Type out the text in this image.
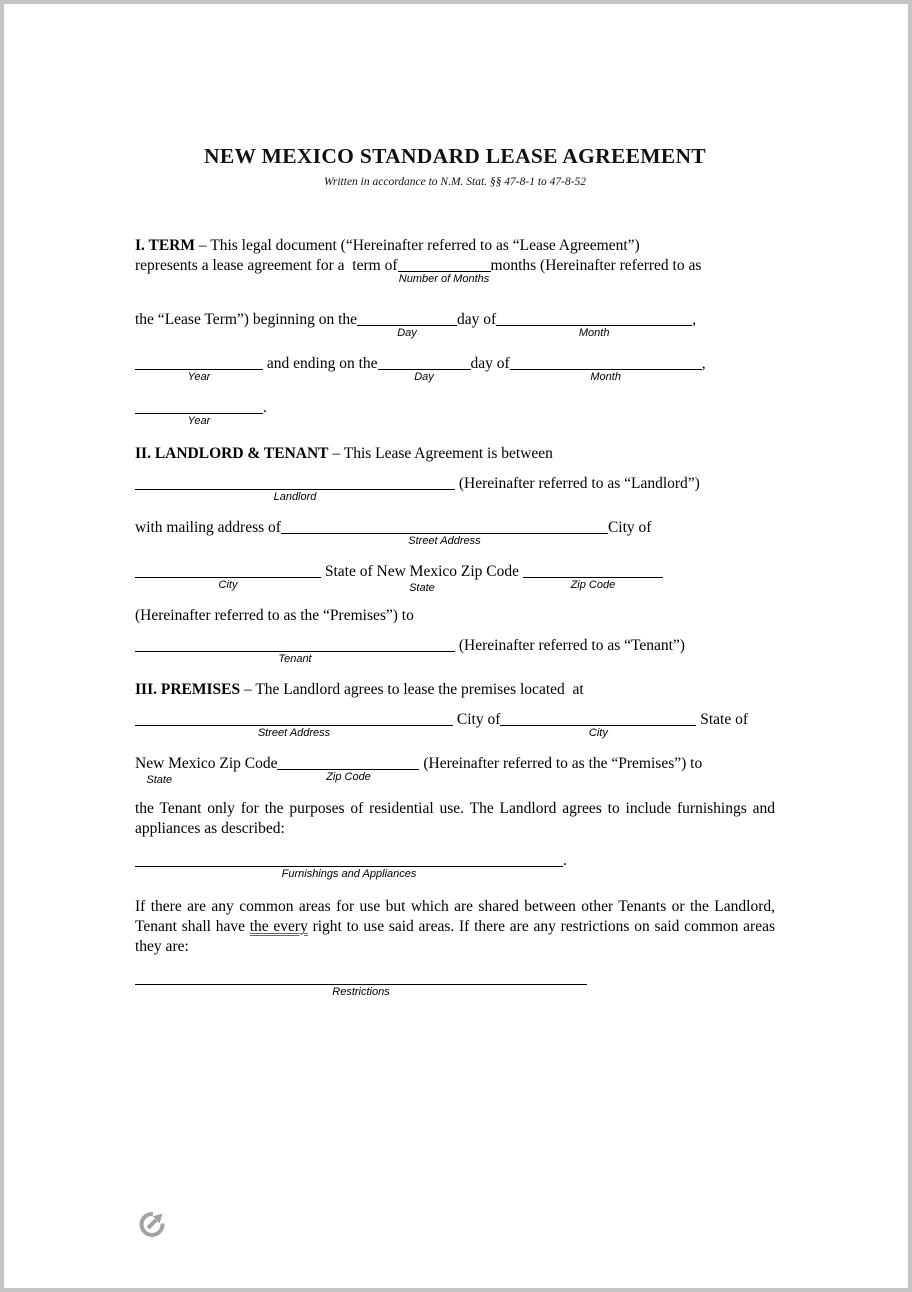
NEW MEXICO STANDARD LEASE AGREEMENT
Written in accordance to N.M. Stat. §§ 47-8-1 to 47-8-52
I. TERM – This legal document (“Hereinafter referred to as “Lease Agreement”)
represents a lease agreement for a  term of
Number of Months
months (Hereinafter referred to as
the “Lease Term”) beginning on the
Day
day of
Month
,
Year
and ending on the
Day
day of
Month
,
Year
.
II. LANDLORD & TENANT – This Lease Agreement is between
Landlord
(Hereinafter referred to as “Landlord”)
with mailing address of
Street Address
City of
City
State of New Mexico Zip Code
State	Zip Code
(Hereinafter referred to as the “Premises”) to
Tenant
(Hereinafter referred to as “Tenant”)
III. PREMISES – The Landlord agrees to lease the premises located  at
Street Address
City of
City
State of
New Mexico Zip Code
State	Zip Code
(Hereinafter referred to as the “Premises”) to
the Tenant only for the purposes of residential use. The Landlord agrees to include furnishings and appliances as described:
Furnishings and Appliances
.
If there are any common areas for use but which are shared between other Tenants or the Landlord, Tenant shall have the every right to use said areas. If there are any restrictions on said common areas they are:
Restrictions
